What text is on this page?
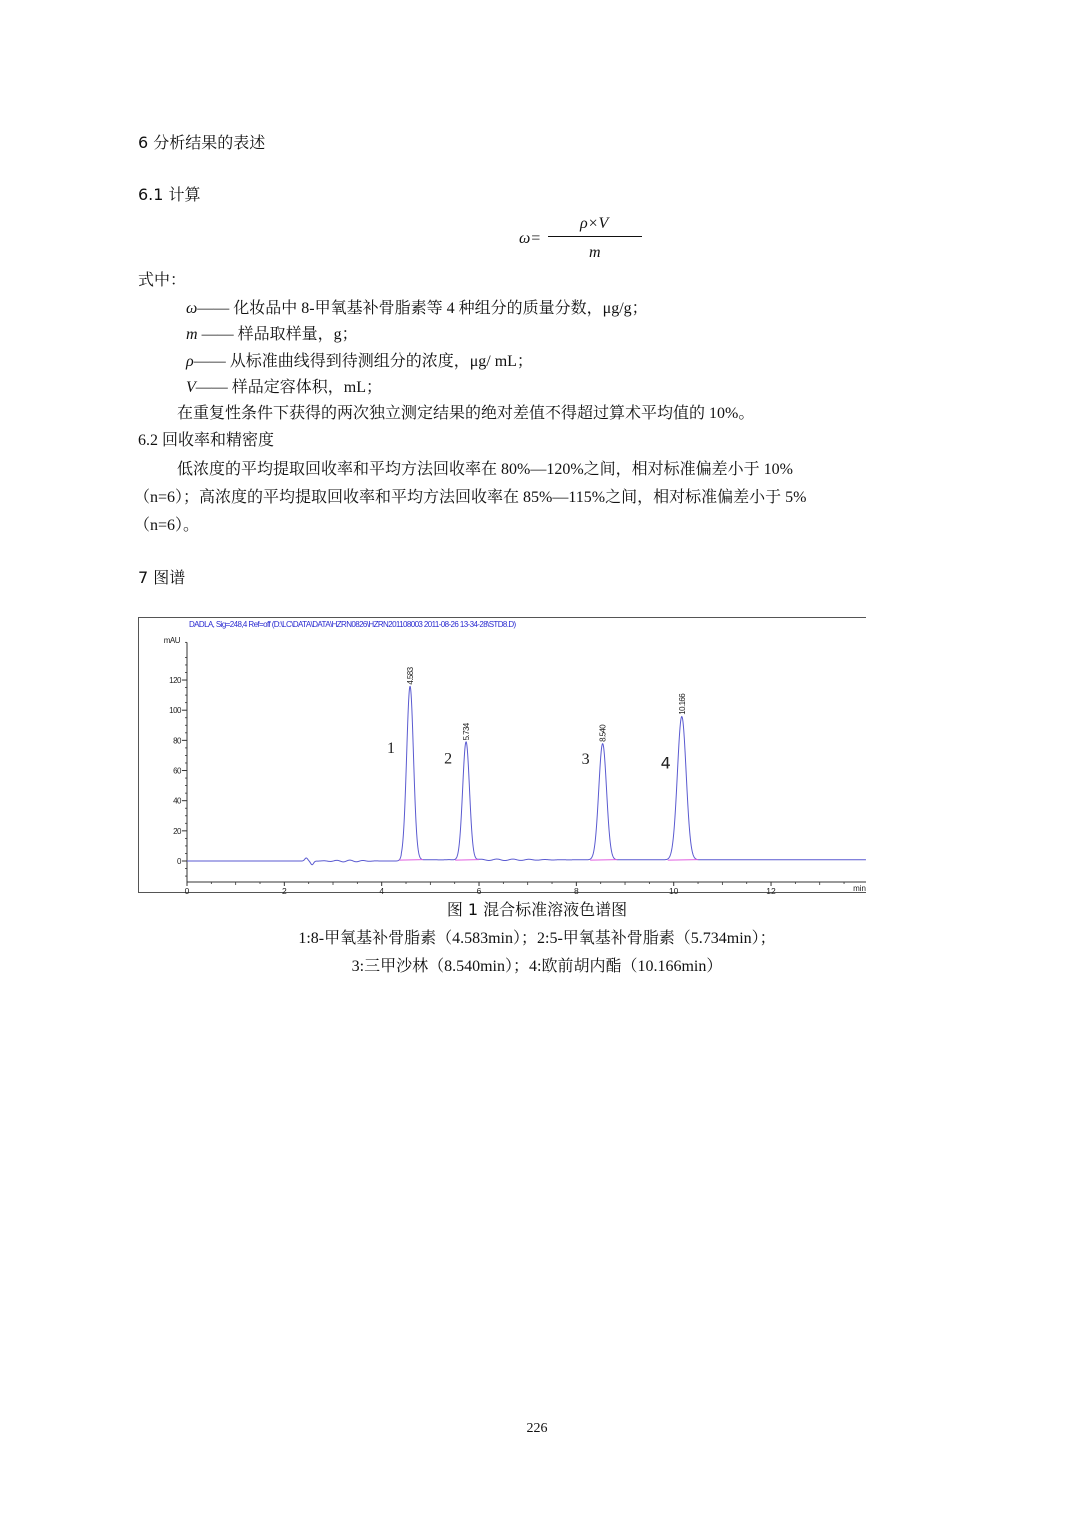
6 分析结果的表述
6.1 计算
ω=
ρ×V
m
式中：
ω—— 化妆品中 8-甲氧基补骨脂素等 4 种组分的质量分数，μg/g；
m —— 样品取样量，g；
ρ—— 从标准曲线得到待测组分的浓度，μg/ mL；
V—— 样品定容体积，mL；
在重复性条件下获得的两次独立测定结果的绝对差值不得超过算术平均值的 10%。
6.2 回收率和精密度
低浓度的平均提取回收率和平均方法回收率在 80%—120%之间，相对标准偏差小于 10%
（n=6）；高浓度的平均提取回收率和平均方法回收率在 85%—115%之间，相对标准偏差小于 5%
（n=6）。
7 图谱
DADLA, Sig=248,4 Ref=off (D:\LC\DATA\DATA\HZRN0826\HZRN201108003 2011-08-26 13-34-28\STD8.D)
mAU
0
20
40
60
80
100
120
0	2	4	6	8	10	12
4.583
1
5.734
2
8.540
3
10.166
4
min
图 1 混合标准溶液色谱图
1:8-甲氧基补骨脂素（4.583min）；2:5-甲氧基补骨脂素（5.734min）；
3:三甲沙林（8.540min）；4:欧前胡内酯（10.166min）
226
